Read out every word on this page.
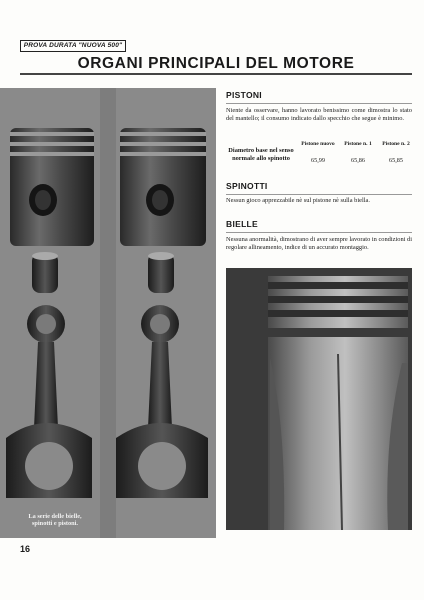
PROVA DURATA "NUOVA 500"
ORGANI PRINCIPALI DEL MOTORE
La serie delle bielle, spinotti e pistoni.
PISTONI
Niente da osservare, hanno lavorato benissimo come dimostra lo stato del mantello; il consumo indicato dallo specchio che segue è minimo.
Diametro base nel senso normale allo spinotto
Pistone nuovo
65,99
Pistone n. 1
65,86
Pistone n. 2
65,85
SPINOTTI
Nessun gioco apprezzabile nè sul pistone nè sulla biella.
BIELLE
Nessuna anormalità, dimostrano di aver sempre lavorato in condizioni di regolare allineamento, indice di un accurato montaggio.
16
